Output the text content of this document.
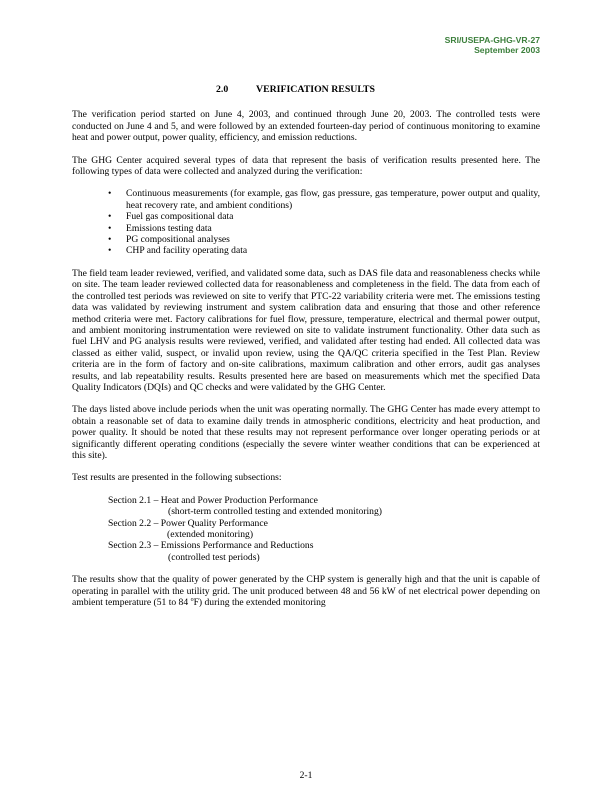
SRI/USEPA-GHG-VR-27
September 2003
2.0	VERIFICATION RESULTS

The verification period started on June 4, 2003, and continued through June 20, 2003. The controlled tests were conducted on June 4 and 5, and were followed by an extended fourteen-day period of continuous monitoring to examine heat and power output, power quality, efficiency, and emission reductions.

The GHG Center acquired several types of data that represent the basis of verification results presented here. The following types of data were collected and analyzed during the verification:

• Continuous measurements (for example, gas flow, gas pressure, gas temperature, power output and quality, heat recovery rate, and ambient conditions)
• Fuel gas compositional data
• Emissions testing data
• PG compositional analyses
• CHP and facility operating data

The field team leader reviewed, verified, and validated some data, such as DAS file data and reasonableness checks while on site. The team leader reviewed collected data for reasonableness and completeness in the field. The data from each of the controlled test periods was reviewed on site to verify that PTC-22 variability criteria were met. The emissions testing data was validated by reviewing instrument and system calibration data and ensuring that those and other reference method criteria were met. Factory calibrations for fuel flow, pressure, temperature, electrical and thermal power output, and ambient monitoring instrumentation were reviewed on site to validate instrument functionality. Other data such as fuel LHV and PG analysis results were reviewed, verified, and validated after testing had ended. All collected data was classed as either valid, suspect, or invalid upon review, using the QA/QC criteria specified in the Test Plan. Review criteria are in the form of factory and on-site calibrations, maximum calibration and other errors, audit gas analyses results, and lab repeatability results. Results presented here are based on measurements which met the specified Data Quality Indicators (DQIs) and QC checks and were validated by the GHG Center.

The days listed above include periods when the unit was operating normally. The GHG Center has made every attempt to obtain a reasonable set of data to examine daily trends in atmospheric conditions, electricity and heat production, and power quality. It should be noted that these results may not represent performance over longer operating periods or at significantly different operating conditions (especially the severe winter weather conditions that can be experienced at this site).

Test results are presented in the following subsections:

Section 2.1 – Heat and Power Production Performance
(short-term controlled testing and extended monitoring)
Section 2.2 – Power Quality Performance
(extended monitoring)
Section 2.3 – Emissions Performance and Reductions
(controlled test periods)

The results show that the quality of power generated by the CHP system is generally high and that the unit is capable of operating in parallel with the utility grid. The unit produced between 48 and 56 kW of net electrical power depending on ambient temperature (51 to 84 $^o$F) during the extended monitoring

2-1
